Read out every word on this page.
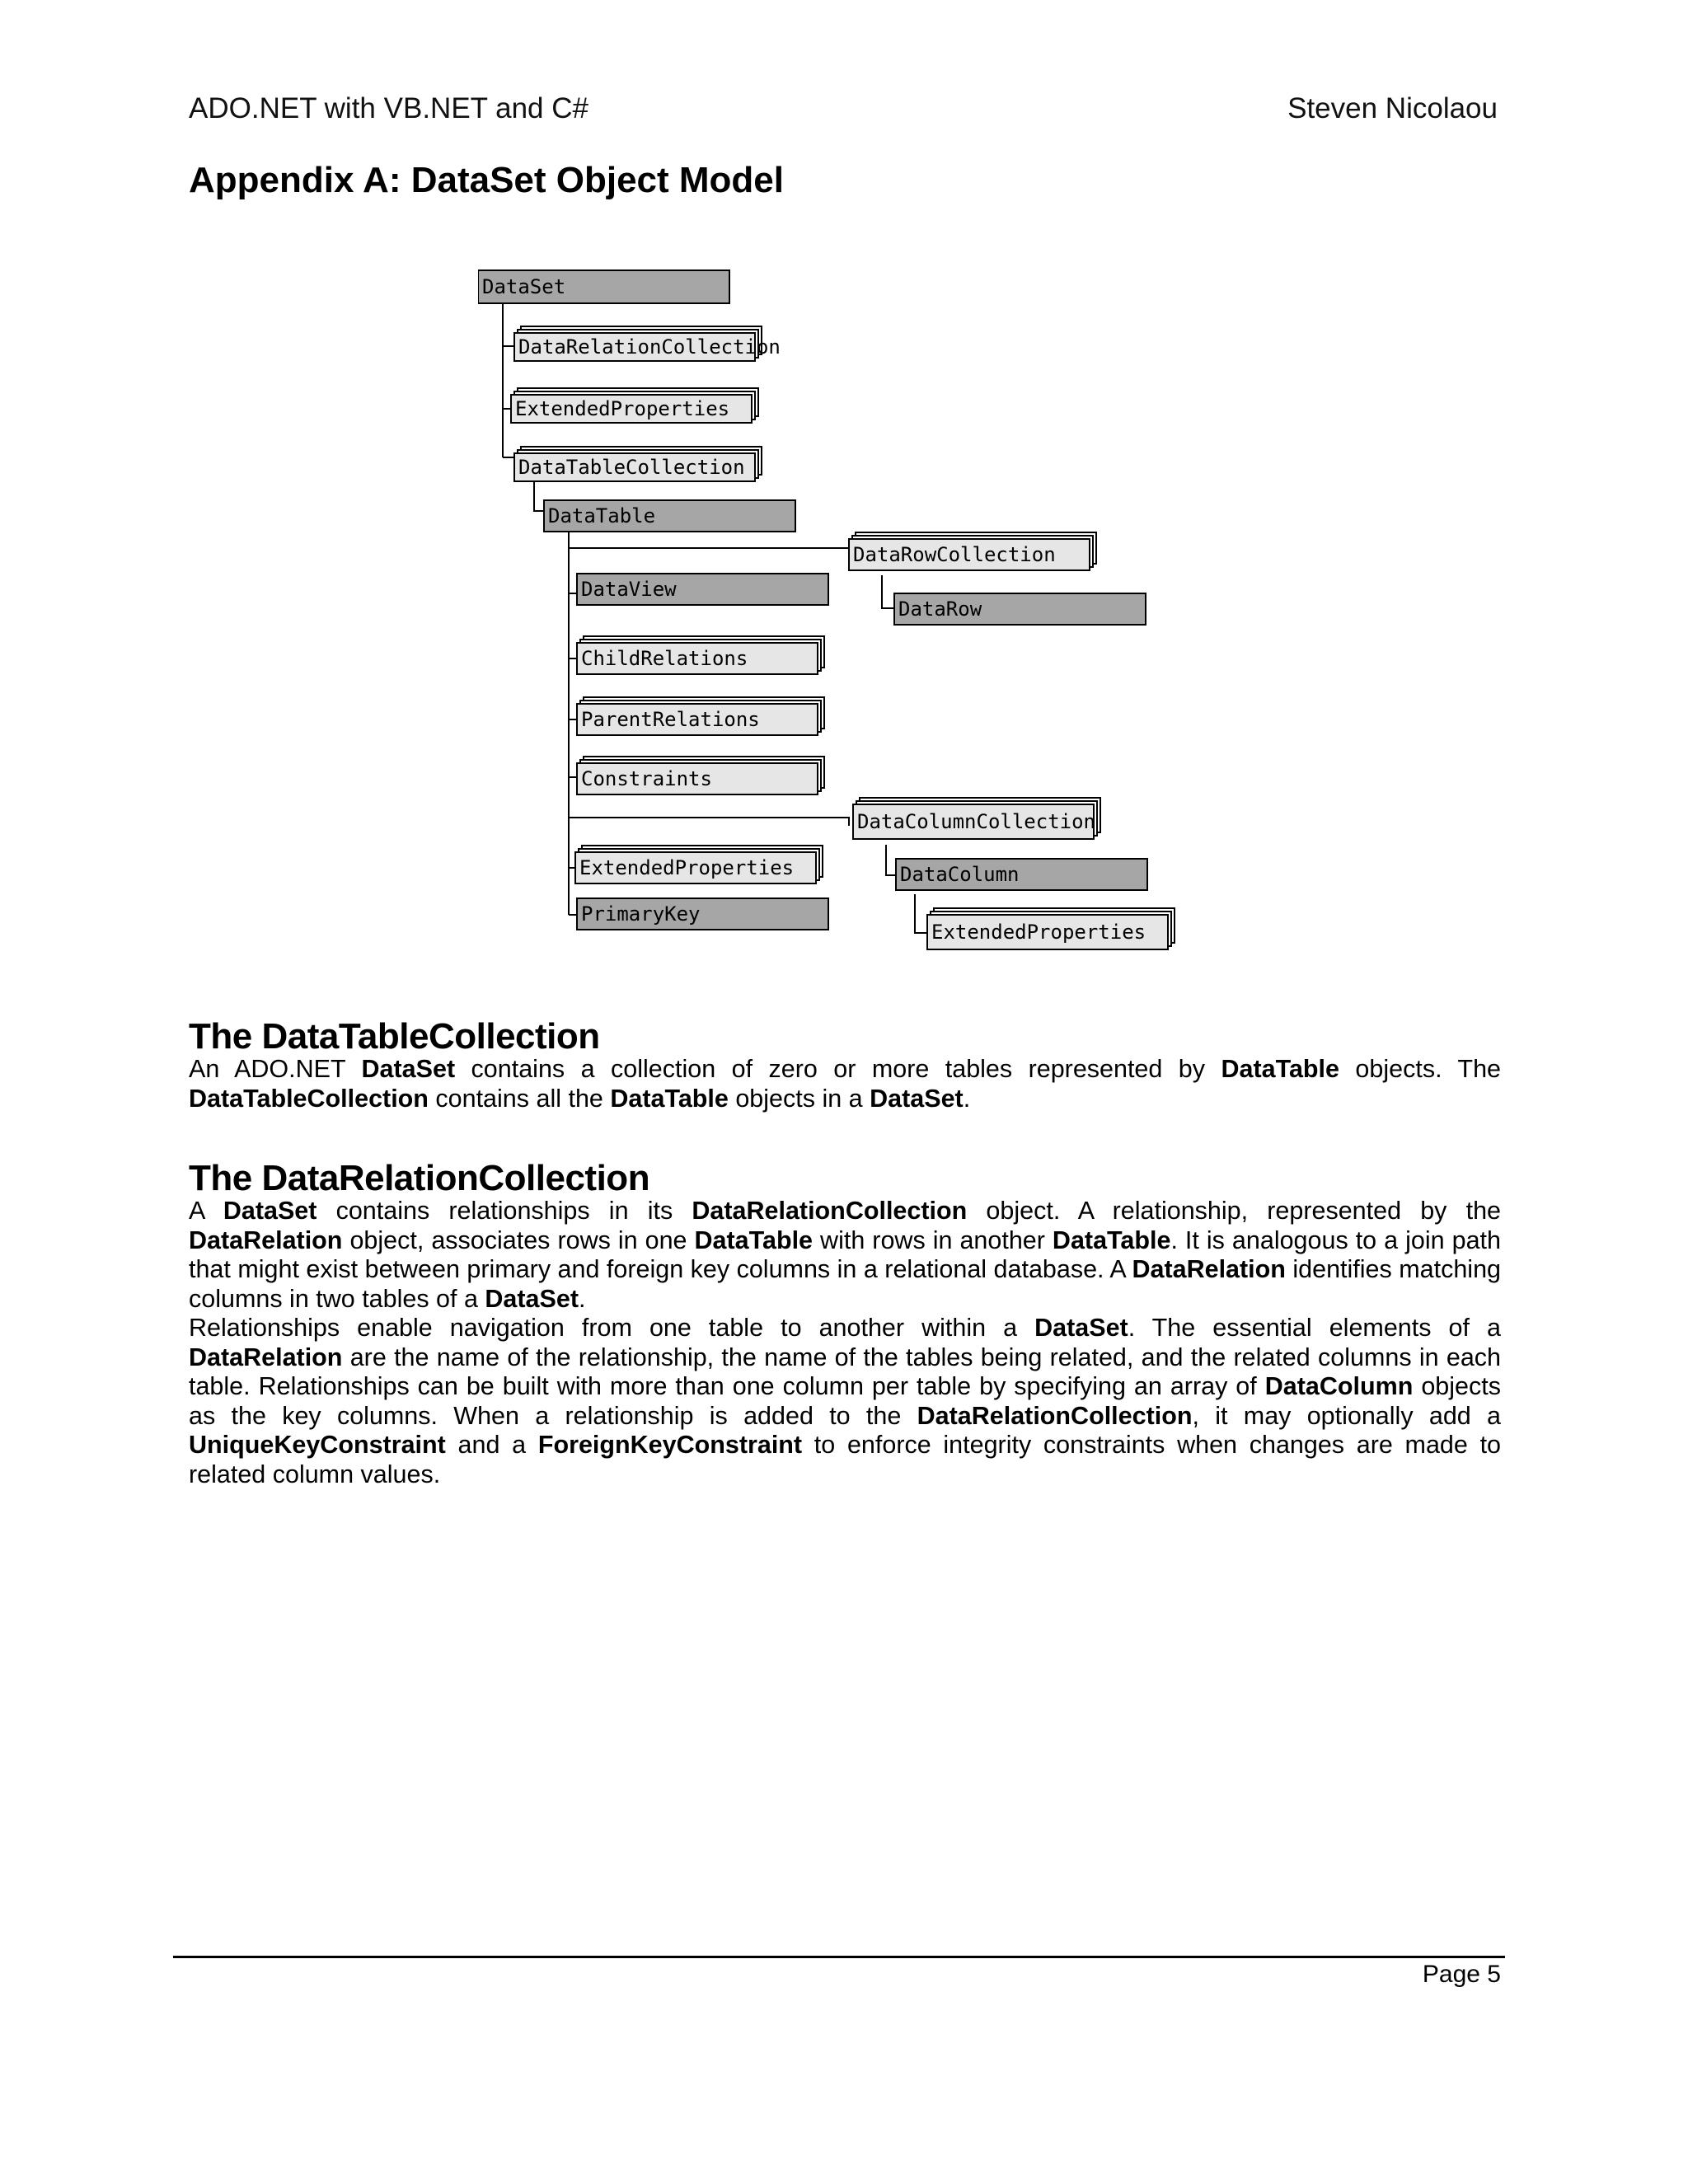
ADO.NET with VB.NET and C#	Steven Nicolaou
Appendix A: DataSet Object Model
DataSet
DataRelationCollection
ExtendedProperties
DataTableCollection
DataTable
DataRowCollection
DataRow
DataView
ChildRelations
ParentRelations
Constraints
DataColumnCollection
ExtendedProperties	DataColumn
PrimaryKey
ExtendedProperties
The DataTableCollection
An ADO.NET DataSet contains a collection of zero or more tables represented by DataTable objects. The DataTableCollection contains all the DataTable objects in a DataSet.
The DataRelationCollection
A DataSet contains relationships in its DataRelationCollection object. A relationship, represented by the DataRelation object, associates rows in one DataTable with rows in another DataTable. It is analogous to a join path that might exist between primary and foreign key columns in a relational database. A DataRelation identifies matching columns in two tables of a DataSet.
Relationships enable navigation from one table to another within a DataSet. The essential elements of a DataRelation are the name of the relationship, the name of the tables being related, and the related columns in each table. Relationships can be built with more than one column per table by specifying an array of DataColumn objects as the key columns. When a relationship is added to the DataRelationCollection, it may optionally add a UniqueKeyConstraint and a ForeignKeyConstraint to enforce integrity constraints when changes are made to related column values.
Page 5
